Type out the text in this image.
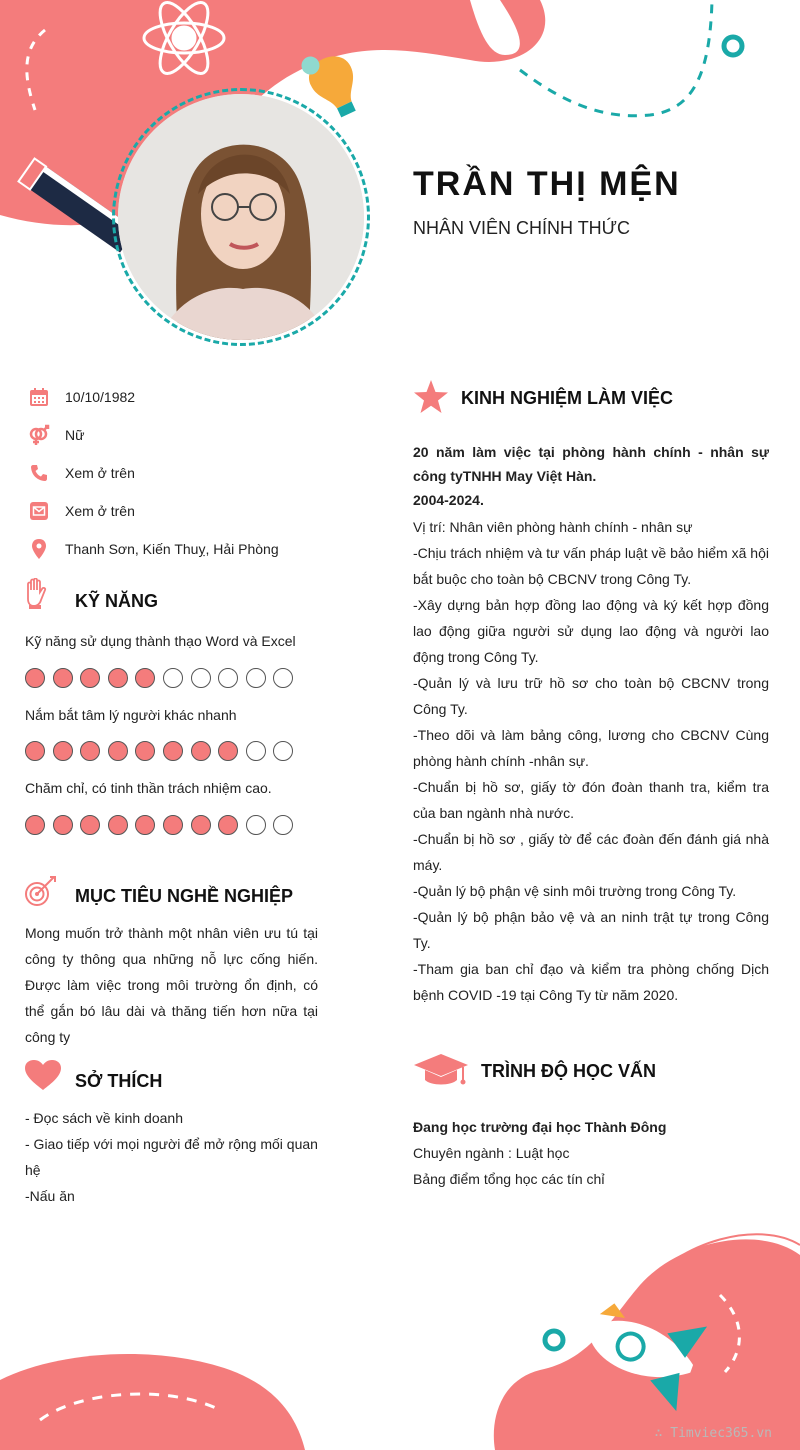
TRẦN THỊ MỆN
NHÂN VIÊN CHÍNH THỨC
10/10/1982
Nữ
Xem ở trên
Xem ở trên
Thanh Sơn, Kiến Thuỵ, Hải Phòng
KỸ NĂNG
Kỹ năng sử dụng thành thạo Word và Excel
Nắm bắt tâm lý người khác nhanh
Chăm chỉ, có tinh thần trách nhiệm cao.
MỤC TIÊU NGHỀ NGHIỆP
Mong muốn trở thành một nhân viên ưu tú tại công ty thông qua những nỗ lực cống hiến. Được làm việc trong môi trường ổn định, có thể gắn bó lâu dài và thăng tiến hơn nữa tại công ty
SỞ THÍCH
- Đọc sách về kinh doanh
- Giao tiếp với mọi người để mở rộng mối quan hệ
-Nấu ăn
KINH NGHIỆM LÀM VIỆC
20 năm làm việc tại phòng hành chính - nhân sự công tyTNHH May Việt Hàn.
2004-2024.
Vị trí: Nhân viên phòng hành chính - nhân sự
-Chịu trách nhiệm và tư vấn pháp luật về bảo hiểm xã hội bắt buộc cho toàn bộ CBCNV trong Công Ty.
-Xây dựng bản hợp đồng lao động và ký kết hợp đồng lao động giữa người sử dụng lao động và người lao động trong Công Ty.
-Quản lý và lưu trữ hồ sơ cho toàn bộ CBCNV trong Công Ty.
-Theo dõi và làm bảng công, lương cho CBCNV Cùng phòng hành chính -nhân sự.
-Chuẩn bị hồ sơ, giấy tờ đón đoàn thanh tra, kiểm tra của ban ngành nhà nước.
-Chuẩn bị hồ sơ , giấy tờ để các đoàn đến đánh giá nhà máy.
-Quản lý bộ phận vệ sinh môi trường trong Công Ty.
-Quản lý bộ phận bảo vệ và an ninh trật tự trong Công Ty.
-Tham gia ban chỉ đạo và kiểm tra phòng chống Dịch bệnh COVID -19 tại Công Ty từ năm 2020.
TRÌNH ĐỘ HỌC VẤN
Đang học trường đại học Thành Đông
Chuyên ngành : Luật học
Bảng điểm tổng học các tín chỉ
∴ Timviec365.vn
